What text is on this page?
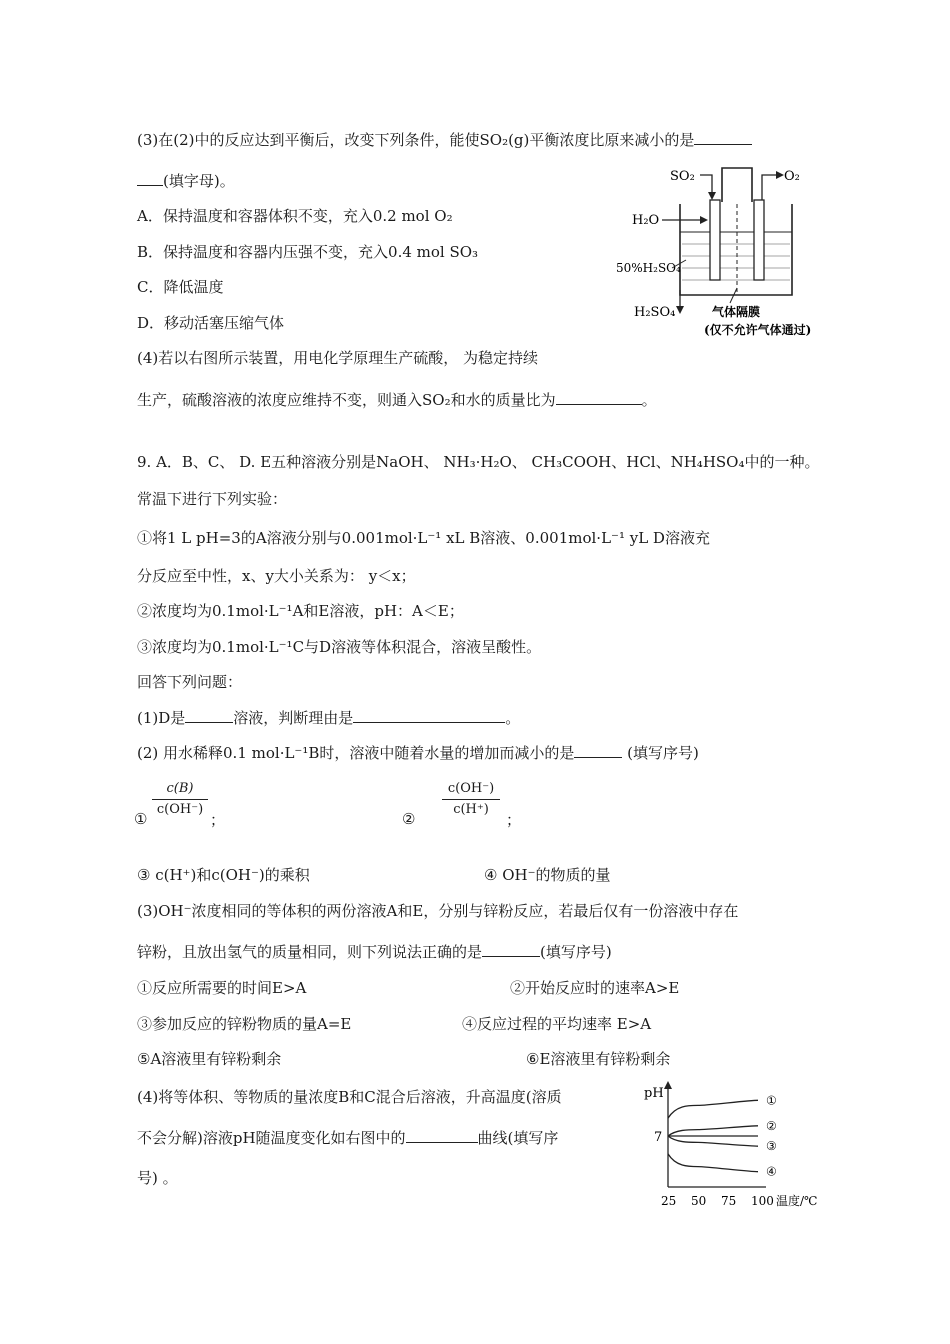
(3)在(2)中的反应达到平衡后，改变下列条件，能使SO₂(g)平衡浓度比原来减小的是
(填字母)。
A．保持温度和容器体积不变，充入0.2 mol O₂
B．保持温度和容器内压强不变，充入0.4 mol SO₃
C．降低温度
D．移动活塞压缩气体
(4)若以右图所示装置，用电化学原理生产硫酸， 为稳定持续
生产，硫酸溶液的浓度应维持不变，则通入SO₂和水的质量比为	。
SO₂	O₂
H₂O
50%H₂SO₄
H₂SO₄	气体隔膜
(仅不允许气体通过)
9. A．B、C、 D. E五种溶液分别是NaOH、 NH₃·H₂O、 CH₃COOH、HCl、NH₄HSO₄中的一种。
常温下进行下列实验：
①将1 L pH=3的A溶液分别与0.001mol·L⁻¹ xL B溶液、0.001mol·L⁻¹ yL D溶液充
分反应至中性，x、y大小关系为： y＜x；
②浓度均为0.1mol·L⁻¹A和E溶液，pH：A＜E；
③浓度均为0.1mol·L⁻¹C与D溶液等体积混合，溶液呈酸性。
回答下列问题：
(1)D是	溶液，判断理由是	。
(2) 用水稀释0.1 mol·L⁻¹B时，溶液中随着水量的增加而减小的是	(填写序号)
①
c(B)
c(OH⁻)
；	②
c(OH⁻)
c(H⁺)
；
③ c(H⁺)和c(OH⁻)的乘积	④ OH⁻的物质的量
(3)OH⁻浓度相同的等体积的两份溶液A和E，分别与锌粉反应，若最后仅有一份溶液中存在
锌粉，且放出氢气的质量相同，则下列说法正确的是	(填写序号)
①反应所需要的时间E>A	②开始反应时的速率A>E
③参加反应的锌粉物质的量A=E	④反应过程的平均速率 E>A
⑤A溶液里有锌粉剩余	⑥E溶液里有锌粉剩余
(4)将等体积、等物质的量浓度B和C混合后溶液，升高温度(溶质
不会分解)溶液pH随温度变化如右图中的	曲线(填写序
号) 。
pH
7
①
②
③
④
25 50 75 100 温度/℃
